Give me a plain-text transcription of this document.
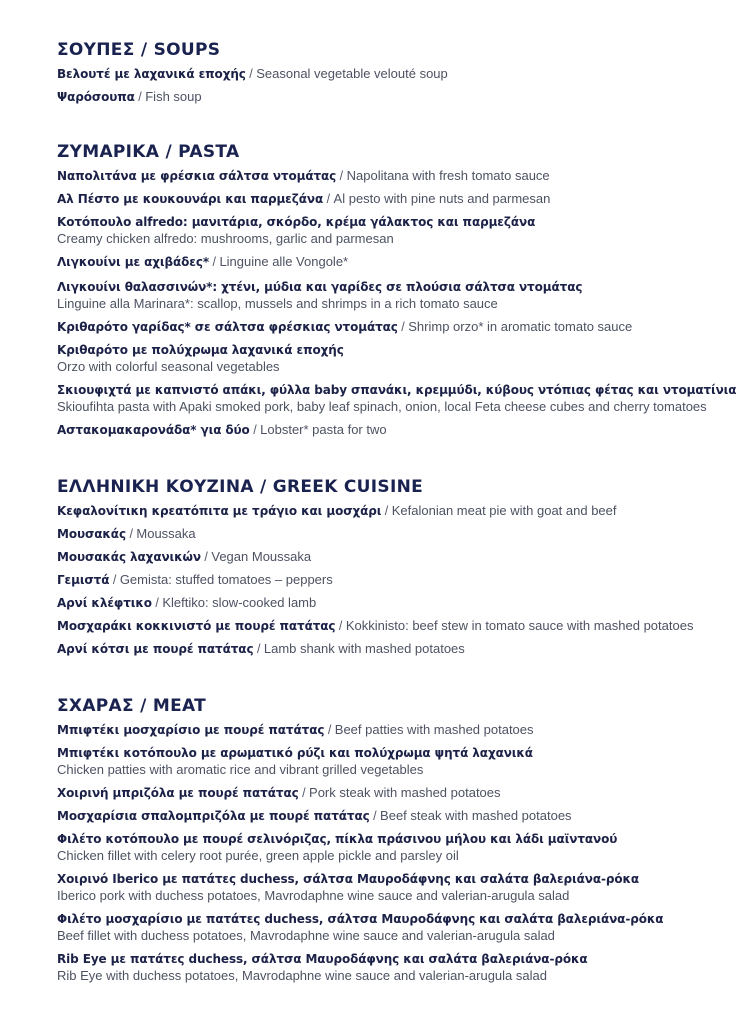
ΣΟΥΠΕΣ / SOUPS
Βελουτέ με λαχανικά εποχής / Seasonal vegetable velouté soup
Ψαρόσουπα / Fish soup
ΖΥΜΑΡΙΚΑ / PASTA
Ναπολιτάνα με φρέσκια σάλτσα ντομάτας / Napolitana with fresh tomato sauce
Αλ Πέστο με κουκουνάρι και παρμεζάνα / Al pesto with pine nuts and parmesan
Κοτόπουλο alfredo: μανιτάρια, σκόρδο, κρέμα γάλακτος και παρμεζάνα
Creamy chicken alfredo: mushrooms, garlic and parmesan
Λιγκουίνι με αχιβάδες* / Linguine alle Vongole*
Λιγκουίνι θαλασσινών*: χτένι, μύδια και γαρίδες σε πλούσια σάλτσα ντομάτας
Linguine alla Marinara*: scallop, mussels and shrimps in a rich tomato sauce
Κριθαρότο γαρίδας* σε σάλτσα φρέσκιας ντομάτας / Shrimp orzo* in aromatic tomato sauce
Κριθαρότο με πολύχρωμα λαχανικά εποχής
Orzo with colorful seasonal vegetables
Σκιουφιχτά με καπνιστό απάκι, φύλλα baby σπανάκι, κρεμμύδι, κύβους ντόπιας φέτας και ντοματίνια
Skioufihta pasta with Apaki smoked pork, baby leaf spinach, onion, local Feta cheese cubes and cherry tomatoes
Αστακομακαρονάδα* για δύο / Lobster* pasta for two
ΕΛΛΗΝΙΚΗ ΚΟΥΖΙΝΑ / GREEK CUISINE
Κεφαλονίτικη κρεατόπιτα με τράγιο και μοσχάρι / Kefalonian meat pie with goat and beef
Μουσακάς / Moussaka
Μουσακάς λαχανικών / Vegan Moussaka
Γεμιστά / Gemista: stuffed tomatoes – peppers
Αρνί κλέφτικο / Kleftiko: slow-cooked lamb
Μοσχαράκι κοκκινιστό με πουρέ πατάτας / Kokkinisto: beef stew in tomato sauce with mashed potatoes
Αρνί κότσι με πουρέ πατάτας / Lamb shank with mashed potatoes
ΣΧΑΡΑΣ / MEAT
Μπιφτέκι μοσχαρίσιο με πουρέ πατάτας / Beef patties with mashed potatoes
Μπιφτέκι κοτόπουλο με αρωματικό ρύζι και πολύχρωμα ψητά λαχανικά
Chicken patties with aromatic rice and vibrant grilled vegetables
Χοιρινή μπριζόλα με πουρέ πατάτας / Pork steak with mashed potatoes
Μοσχαρίσια σπαλομπριζόλα με πουρέ πατάτας / Beef steak with mashed potatoes
Φιλέτο κοτόπουλο με πουρέ σελινόριζας, πίκλα πράσινου μήλου και λάδι μαϊντανού
Chicken fillet with celery root purée, green apple pickle and parsley oil
Χοιρινό Iberico με πατάτες duchess, σάλτσα Μαυροδάφνης και σαλάτα βαλεριάνα-ρόκα
Iberico pork with duchess potatoes, Mavrodaphne wine sauce and valerian-arugula salad
Φιλέτο μοσχαρίσιο με πατάτες duchess, σάλτσα Μαυροδάφνης και σαλάτα βαλεριάνα-ρόκα
Beef fillet with duchess potatoes, Mavrodaphne wine sauce and valerian-arugula salad
Rib Eye με πατάτες duchess, σάλτσα Μαυροδάφνης και σαλάτα βαλεριάνα-ρόκα
Rib Eye with duchess potatoes, Mavrodaphne wine sauce and valerian-arugula salad
